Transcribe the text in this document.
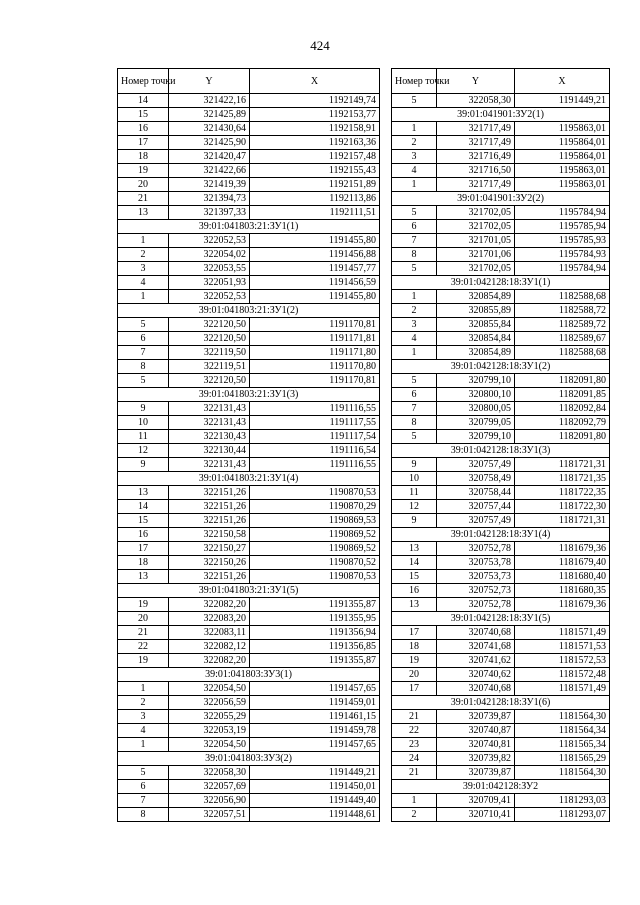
424
Номер точки	Y	X
14	321422,16	1192149,74
15	321425,89	1192153,77
16	321430,64	1192158,91
17	321425,90	1192163,36
18	321420,47	1192157,48
19	321422,66	1192155,43
20	321419,39	1192151,89
21	321394,73	1192113,86
13	321397,33	1192111,51
39:01:041803:21:ЗУ1(1)		
1	322052,53	1191455,80
2	322054,02	1191456,88
3	322053,55	1191457,77
4	322051,93	1191456,59
1	322052,53	1191455,80
39:01:041803:21:ЗУ1(2)		
5	322120,50	1191170,81
6	322120,50	1191171,81
7	322119,50	1191171,80
8	322119,51	1191170,80
5	322120,50	1191170,81
39:01:041803:21:ЗУ1(3)		
9	322131,43	1191116,55
10	322131,43	1191117,55
11	322130,43	1191117,54
12	322130,44	1191116,54
9	322131,43	1191116,55
39:01:041803:21:ЗУ1(4)		
13	322151,26	1190870,53
14	322151,26	1190870,29
15	322151,26	1190869,53
16	322150,58	1190869,52
17	322150,27	1190869,52
18	322150,26	1190870,52
13	322151,26	1190870,53
39:01:041803:21:ЗУ1(5)		
19	322082,20	1191355,87
20	322083,20	1191355,95
21	322083,11	1191356,94
22	322082,12	1191356,85
19	322082,20	1191355,87
39:01:041803:ЗУ3(1)		
1	322054,50	1191457,65
2	322056,59	1191459,01
3	322055,29	1191461,15
4	322053,19	1191459,78
1	322054,50	1191457,65
39:01:041803:ЗУ3(2)		
5	322058,30	1191449,21
6	322057,69	1191450,01
7	322056,90	1191449,40
8	322057,51	1191448,61
Номер точки	Y	X
5	322058,30	1191449,21
39:01:041901:ЗУ2(1)		
1	321717,49	1195863,01
2	321717,49	1195864,01
3	321716,49	1195864,01
4	321716,50	1195863,01
1	321717,49	1195863,01
39:01:041901:ЗУ2(2)		
5	321702,05	1195784,94
6	321702,05	1195785,94
7	321701,05	1195785,93
8	321701,06	1195784,93
5	321702,05	1195784,94
39:01:042128:18:ЗУ1(1)		
1	320854,89	1182588,68
2	320855,89	1182588,72
3	320855,84	1182589,72
4	320854,84	1182589,67
1	320854,89	1182588,68
39:01:042128:18:ЗУ1(2)		
5	320799,10	1182091,80
6	320800,10	1182091,85
7	320800,05	1182092,84
8	320799,05	1182092,79
5	320799,10	1182091,80
39:01:042128:18:ЗУ1(3)		
9	320757,49	1181721,31
10	320758,49	1181721,35
11	320758,44	1181722,35
12	320757,44	1181722,30
9	320757,49	1181721,31
39:01:042128:18:ЗУ1(4)		
13	320752,78	1181679,36
14	320753,78	1181679,40
15	320753,73	1181680,40
16	320752,73	1181680,35
13	320752,78	1181679,36
39:01:042128:18:ЗУ1(5)		
17	320740,68	1181571,49
18	320741,68	1181571,53
19	320741,62	1181572,53
20	320740,62	1181572,48
17	320740,68	1181571,49
39:01:042128:18:ЗУ1(6)		
21	320739,87	1181564,30
22	320740,87	1181564,34
23	320740,81	1181565,34
24	320739,82	1181565,29
21	320739,87	1181564,30
39:01:042128:ЗУ2		
1	320709,41	1181293,03
2	320710,41	1181293,07
